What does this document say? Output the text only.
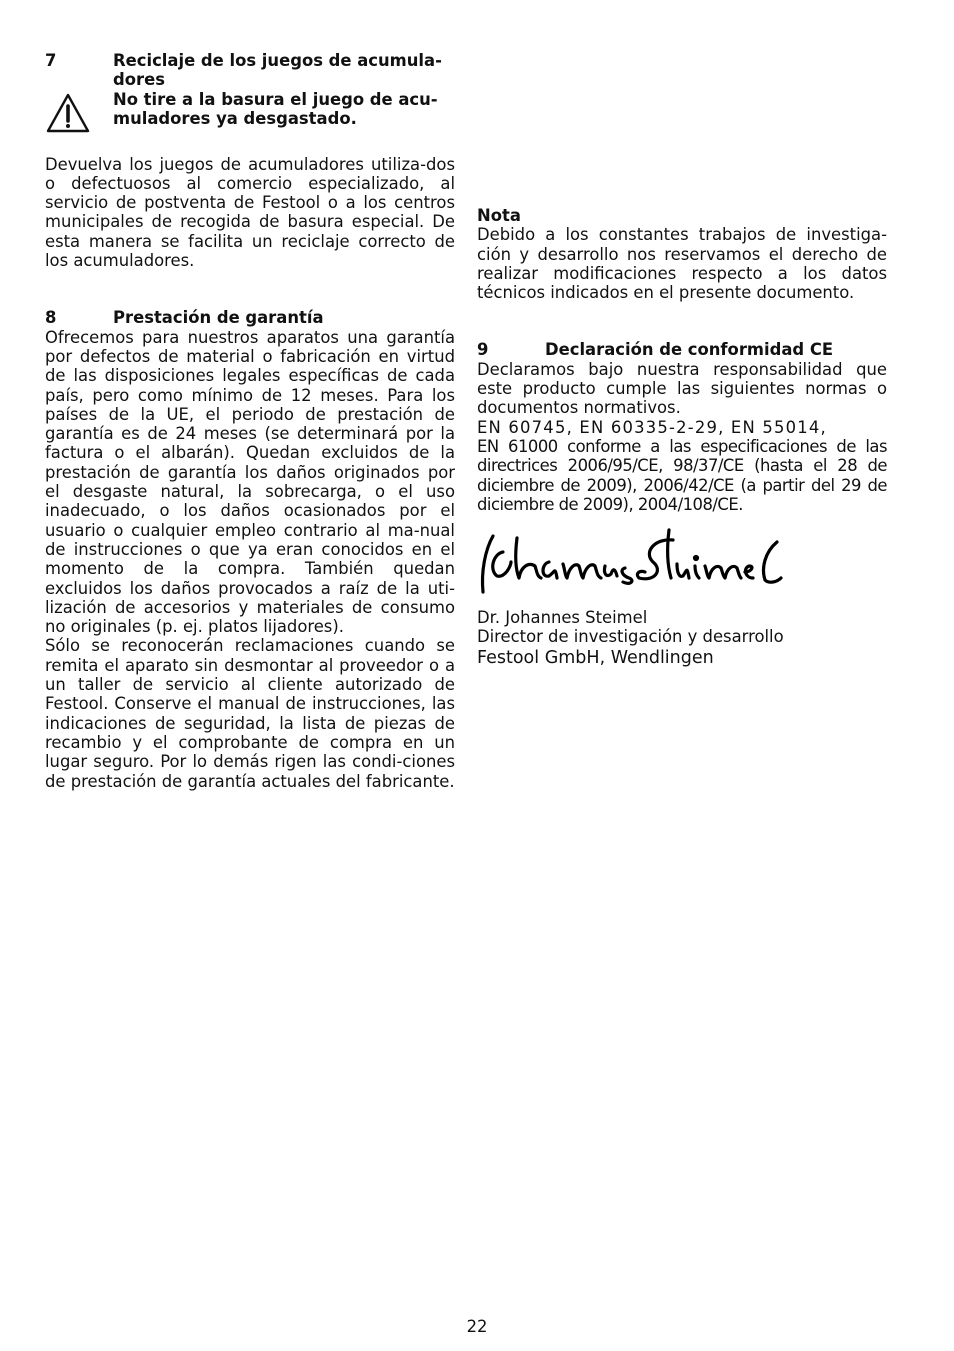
7	Reciclaje de los juegos de acumula-dores
No tire a la basura el juego de acu-muladores ya desgastado.

Devuelva los juegos de acumuladores utiliza-dos o defectuosos al comercio especializado, al servicio de postventa de Festool o a los centros municipales de recogida de basura especial. De esta manera se facilita un reciclaje correcto de los acumuladores.

8	Prestación de garantía

Ofrecemos para nuestros aparatos una garantía por defectos de material o fabricación en virtud de las disposiciones legales específicas de cada país, pero como mínimo de 12 meses. Para los países de la UE, el periodo de prestación de garantía es de 24 meses (se determinará por la factura o el albarán). Quedan excluidos de la prestación de garantía los daños originados por el desgaste natural, la sobrecarga, o el uso inadecuado, o los daños ocasionados por el usuario o cualquier empleo contrario al ma-nual de instrucciones o que ya eran conocidos en el momento de la compra. También quedan excluidos los daños provocados a raíz de la uti-lización de accesorios y materiales de consumo no originales (p. ej. platos lijadores).

Sólo se reconocerán reclamaciones cuando se remita el aparato sin desmontar al proveedor o a un taller de servicio al cliente autorizado de Festool. Conserve el manual de instrucciones, las indicaciones de seguridad, la lista de piezas de recambio y el comprobante de compra en un lugar seguro. Por lo demás rigen las condi-ciones de prestación de garantía actuales del fabricante.

Nota

Debido a los constantes trabajos de investiga-ción y desarrollo nos reservamos el derecho de realizar modificaciones respecto a los datos técnicos indicados en el presente documento.

9	Declaración de conformidad CE

Declaramos bajo nuestra responsabilidad que este producto cumple las siguientes normas o documentos normativos.

EN 60745, EN 60335-2-29, EN 55014,

EN 61000 conforme a las especificaciones de las directrices 2006/95/CE, 98/37/CE (hasta el 28 de diciembre de 2009), 2006/42/CE (a partir del 29 de diciembre de 2009), 2004/108/CE.

Dr. Johannes Steimel
Director de investigación y desarrollo
Festool GmbH, Wendlingen
22
